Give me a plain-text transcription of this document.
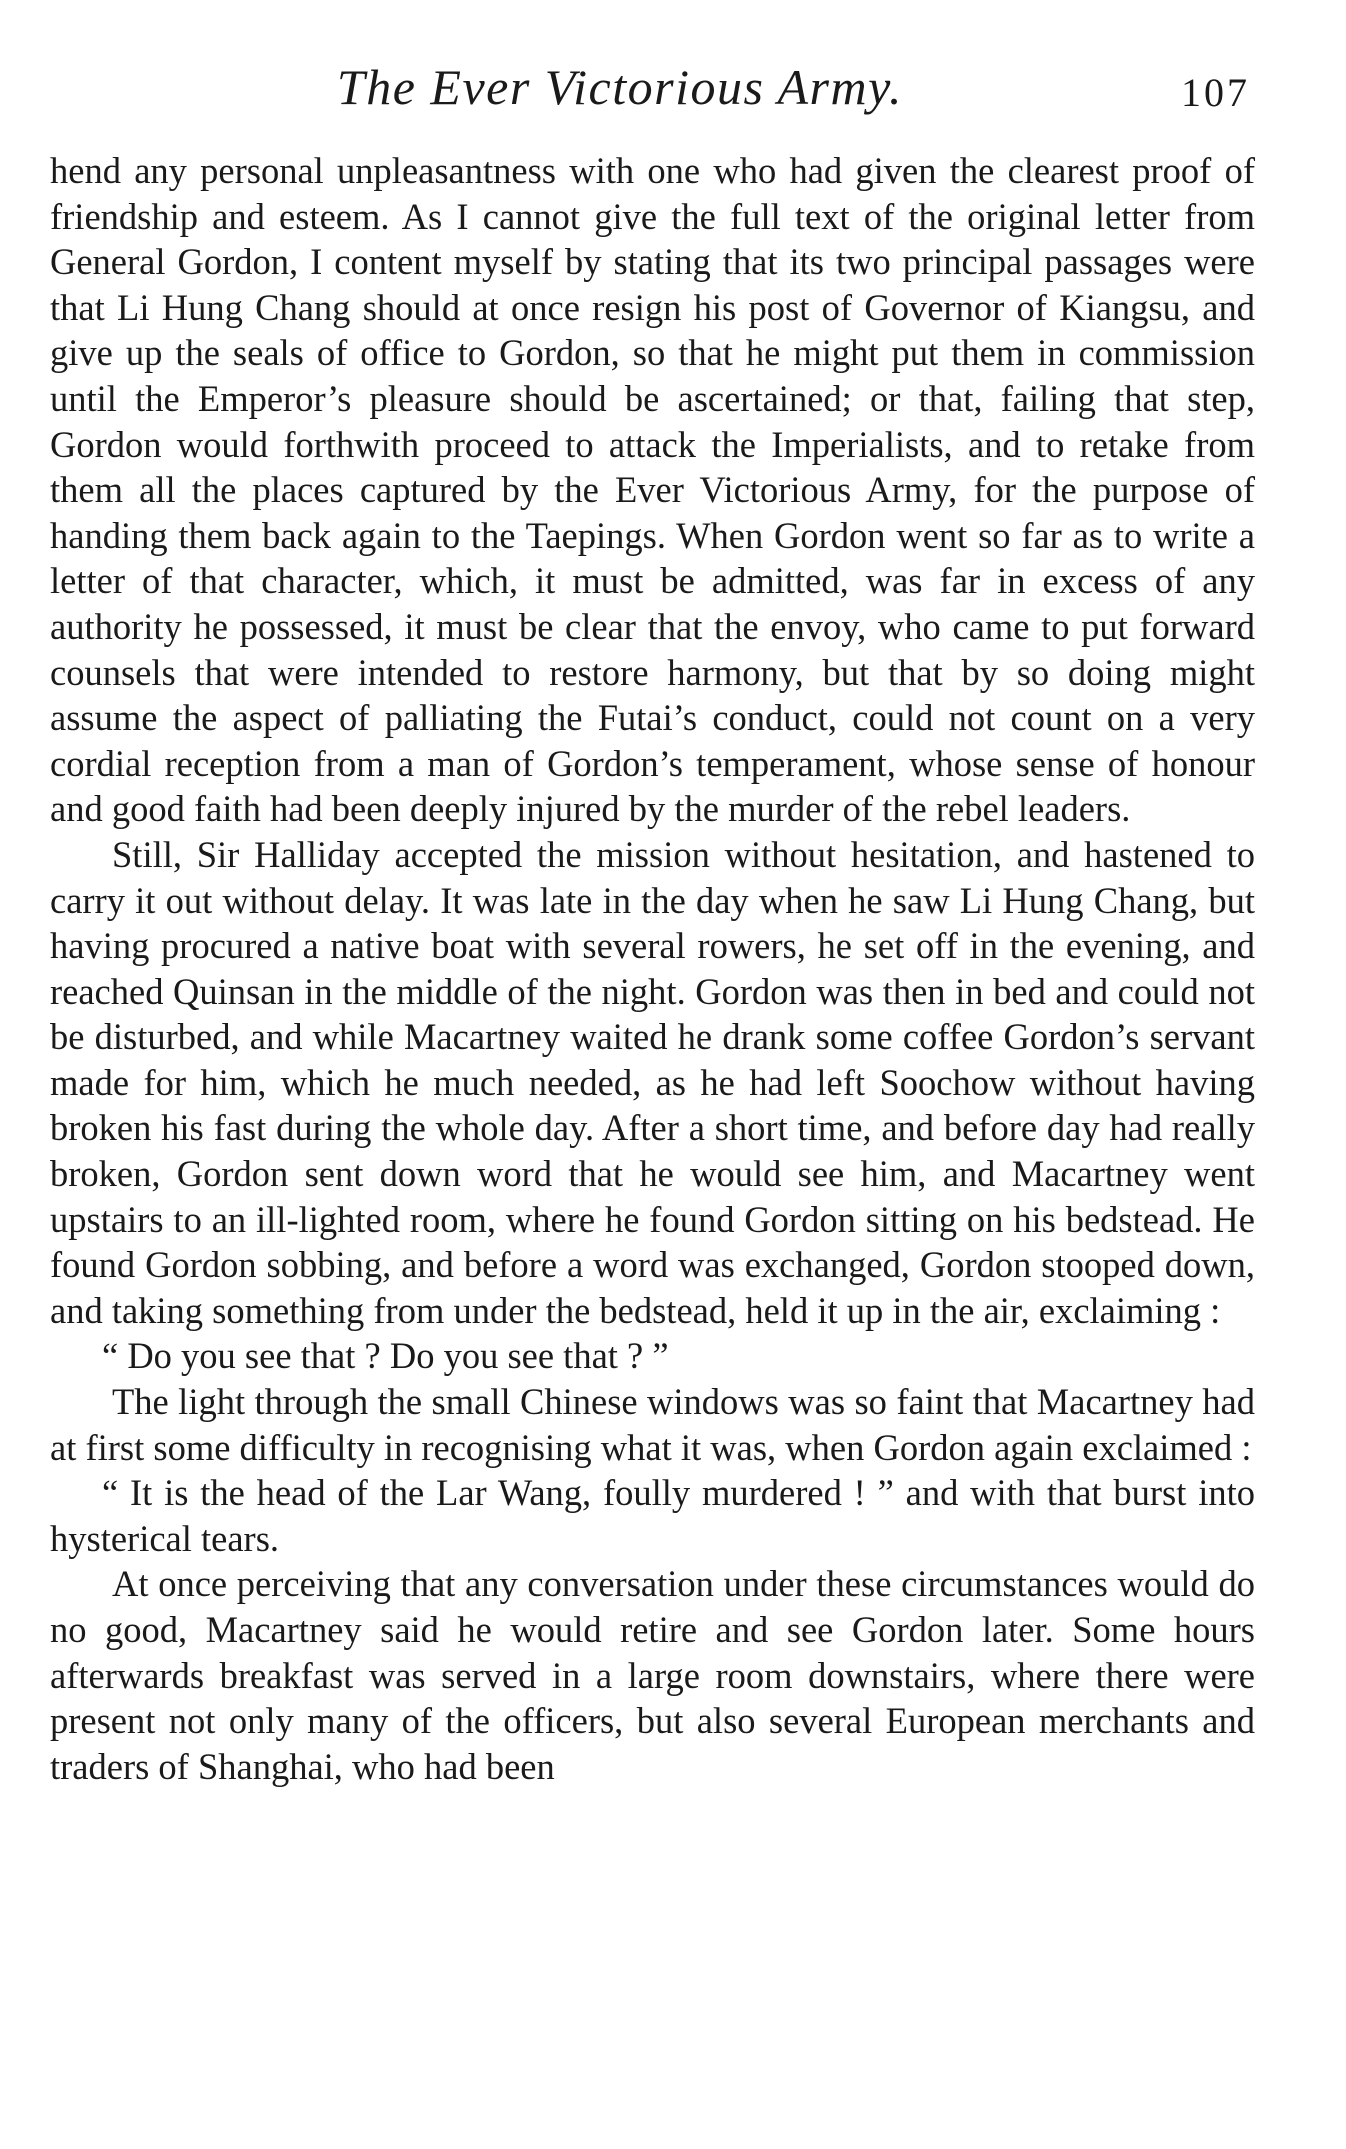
The Ever Victorious Army.	107

hend any personal unpleasantness with one who had given the clearest proof of friendship and esteem. As I cannot give the full text of the original letter from General Gordon, I content myself by stating that its two principal passages were that Li Hung Chang should at once resign his post of Governor of Kiangsu, and give up the seals of office to Gordon, so that he might put them in commission until the Emperor’s pleasure should be ascertained; or that, failing that step, Gordon would forthwith proceed to attack the Imperialists, and to retake from them all the places captured by the Ever Victorious Army, for the purpose of handing them back again to the Taepings. When Gordon went so far as to write a letter of that character, which, it must be admitted, was far in excess of any authority he possessed, it must be clear that the envoy, who came to put forward counsels that were intended to restore harmony, but that by so doing might assume the aspect of palliating the Futai’s conduct, could not count on a very cordial reception from a man of Gordon’s temperament, whose sense of honour and good faith had been deeply injured by the murder of the rebel leaders.

Still, Sir Halliday accepted the mission without hesitation, and hastened to carry it out without delay. It was late in the day when he saw Li Hung Chang, but having procured a native boat with several rowers, he set off in the evening, and reached Quinsan in the middle of the night. Gordon was then in bed and could not be disturbed, and while Macartney waited he drank some coffee Gordon’s servant made for him, which he much needed, as he had left Soochow without having broken his fast during the whole day. After a short time, and before day had really broken, Gordon sent down word that he would see him, and Macartney went upstairs to an ill-lighted room, where he found Gordon sitting on his bedstead. He found Gordon sobbing, and before a word was exchanged, Gordon stooped down, and taking something from under the bedstead, held it up in the air, exclaiming :

“ Do you see that ? Do you see that ? ”

The light through the small Chinese windows was so faint that Macartney had at first some difficulty in recognising what it was, when Gordon again exclaimed :

“ It is the head of the Lar Wang, foully murdered ! ” and with that burst into hysterical tears.

At once perceiving that any conversation under these circumstances would do no good, Macartney said he would retire and see Gordon later. Some hours afterwards breakfast was served in a large room downstairs, where there were present not only many of the officers, but also several European merchants and traders of Shanghai, who had been
